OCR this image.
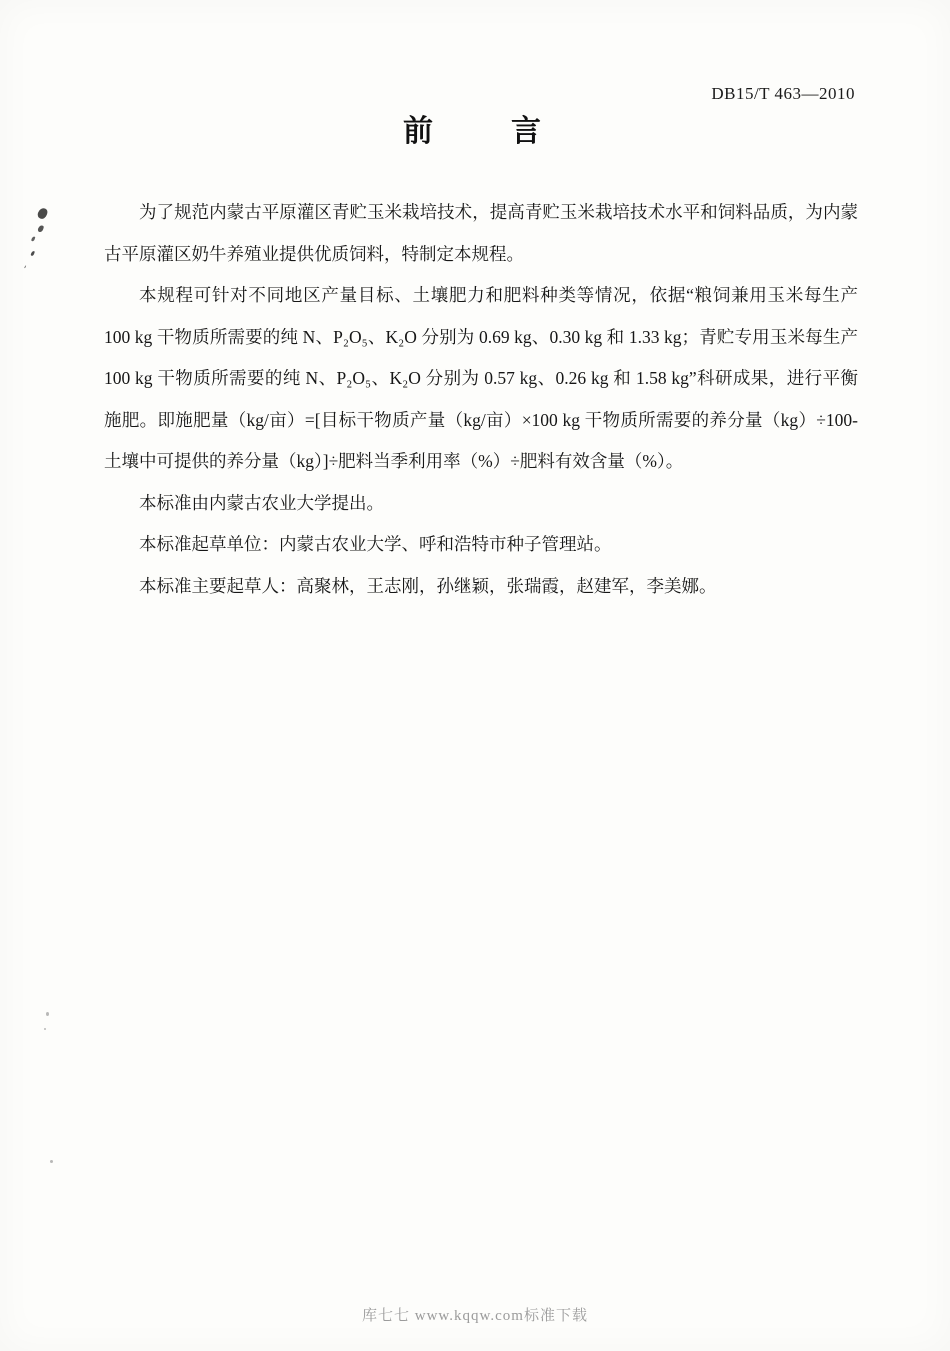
DB15/T 463—2010
前　　言

为了规范内蒙古平原灌区青贮玉米栽培技术，提高青贮玉米栽培技术水平和饲料品质，为内蒙古平原灌区奶牛养殖业提供优质饲料，特制定本规程。

本规程可针对不同地区产量目标、土壤肥力和肥料种类等情况，依据“粮饲兼用玉米每生产 100 kg 干物质所需要的纯 N、P₂O₅、K₂O 分别为 0.69 kg、0.30 kg 和 1.33 kg；青贮专用玉米每生产 100 kg 干物质所需要的纯 N、P₂O₅、K₂O 分别为 0.57 kg、0.26 kg 和 1.58 kg”科研成果，进行平衡施肥。即施肥量（kg/亩）=[目标干物质产量（kg/亩）×100 kg 干物质所需要的养分量（kg）÷100-土壤中可提供的养分量（kg）]÷肥料当季利用率（%）÷肥料有效含量（%）。

本标准由内蒙古农业大学提出。

本标准起草单位：内蒙古农业大学、呼和浩特市种子管理站。

本标准主要起草人：高聚林，王志刚，孙继颖，张瑞霞，赵建军，李美娜。

库七七 www.kqqw.com标准下载
